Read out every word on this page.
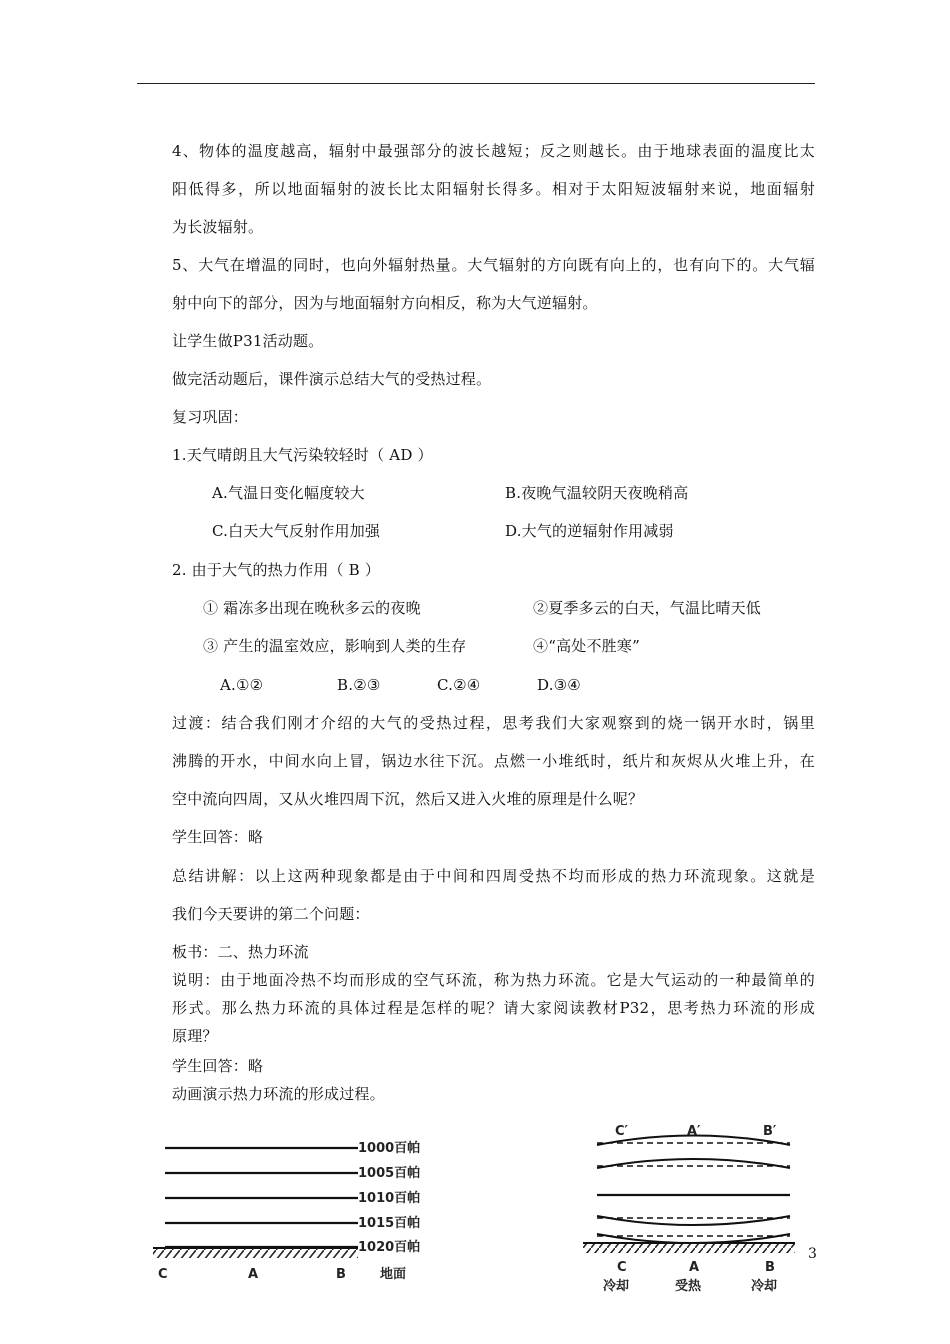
4、物体的温度越高，辐射中最强部分的波长越短；反之则越长。由于地球表面的温度比太
阳低得多，所以地面辐射的波长比太阳辐射长得多。相对于太阳短波辐射来说，地面辐射
为长波辐射。
5、大气在增温的同时，也向外辐射热量。大气辐射的方向既有向上的，也有向下的。大气辐
射中向下的部分，因为与地面辐射方向相反，称为大气逆辐射。
让学生做P31活动题。
做完活动题后，课件演示总结大气的受热过程。
复习巩固：
1.天气晴朗且大气污染较轻时（ AD ）
A.气温日变化幅度较大	B.夜晚气温较阴天夜晚稍高
C.白天大气反射作用加强	D.大气的逆辐射作用减弱
2. 由于大气的热力作用（ B ）
① 霜冻多出现在晚秋多云的夜晚	②夏季多云的白天，气温比晴天低
③ 产生的温室效应，影响到人类的生存	④“高处不胜寒”
A.①②	B.②③	C.②④	D.③④
过渡：结合我们刚才介绍的大气的受热过程，思考我们大家观察到的烧一锅开水时，锅里
沸腾的开水，中间水向上冒，锅边水往下沉。点燃一小堆纸时，纸片和灰烬从火堆上升，在
空中流向四周，又从火堆四周下沉，然后又进入火堆的原理是什么呢？
学生回答：略
总结讲解：以上这两种现象都是由于中间和四周受热不均而形成的热力环流现象。这就是
我们今天要讲的第二个问题：
板书：二、热力环流
说明：由于地面冷热不均而形成的空气环流，称为热力环流。它是大气运动的一种最简单的
形式。那么热力环流的具体过程是怎样的呢？请大家阅读教材P32，思考热力环流的形成
原理？
学生回答：略
动画演示热力环流的形成过程。
1000百帕
1005百帕
1010百帕
1015百帕
1020百帕
C	A	B	地面
C′	A′	B′
C	A	B
冷却	受热	冷却
3
